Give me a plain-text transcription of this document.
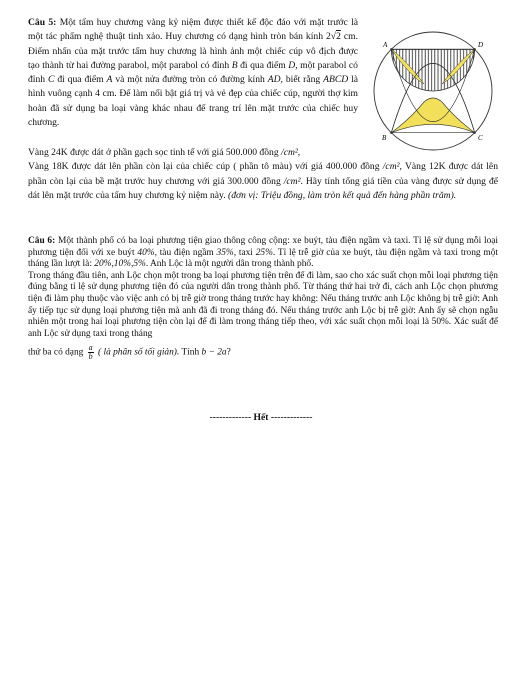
Câu 5: Một tấm huy chương vàng kỷ niệm được thiết kế độc đáo với mặt trước là một tác phẩm nghệ thuật tinh xảo. Huy chương có dạng hình tròn bán kính 2√2 cm. Điểm nhấn của mặt trước tấm huy chương là hình ảnh một chiếc cúp vô địch được tạo thành từ hai đường parabol, một parabol có đỉnh B đi qua điểm D, một parabol có đỉnh C đi qua điểm A và một nửa đường tròn có đường kính AD, biết rằng ABCD là hình vuông cạnh 4 cm. Để làm nổi bật giá trị và vẻ đẹp của chiếc cúp, người thợ kim hoàn đã sử dụng ba loại vàng khác nhau để trang trí lên mặt trước của chiếc huy chương.

A	D
B	C
Vàng 24K được dát ở phần gạch sọc tinh tế với giá 500.000 đồng /cm²,
Vàng 18K được dát lên phần còn lại của chiếc cúp ( phần tô màu) với giá 400.000 đồng /cm², Vàng 12K được dát lên phần còn lại của bề mặt trước huy chương với giá 300.000 đồng /cm². Hãy tính tổng giá tiền của vàng được sử dụng để dát lên mặt trước của tấm huy chương kỷ niệm này. (đơn vị: Triệu đồng, làm tròn kết quả đến hàng phần trăm).

Câu 6: Một thành phố có ba loại phương tiện giao thông công cộng: xe buýt, tàu điện ngầm và taxi. Tỉ lệ sử dụng mỗi loại phương tiện đối với xe buýt 40%, tàu điện ngầm 35%, taxi 25%. Tỉ lệ trễ giờ của xe buýt, tàu điện ngầm và taxi trong một tháng lần lượt là: 20%,10%,5%. Anh Lộc là một người dân trong thành phố.

Trong tháng đầu tiên, anh Lộc chọn một trong ba loại phương tiện trên để đi làm, sao cho xác suất chọn mỗi loại phương tiện đúng bằng tỉ lệ sử dụng phương tiện đó của người dân trong thành phố. Từ tháng thứ hai trở đi, cách anh Lộc chọn phương tiện đi làm phụ thuộc vào việc anh có bị trễ giờ trong tháng trước hay không: Nếu tháng trước anh Lộc không bị trễ giờ: Anh ấy tiếp tục sử dụng loại phương tiện mà anh đã đi trong tháng đó. Nếu tháng trước anh Lộc bị trễ giờ: Anh ấy sẽ chọn ngẫu nhiên một trong hai loại phương tiện còn lại để đi làm trong tháng tiếp theo, với xác suất chọn mỗi loại là 50%. Xác suất để anh Lộc sử dụng taxi trong tháng

thứ ba có dạng $\frac{a}{b}$ ( là phân số tối giản). Tính b − 2a?

------------- Hết -------------
